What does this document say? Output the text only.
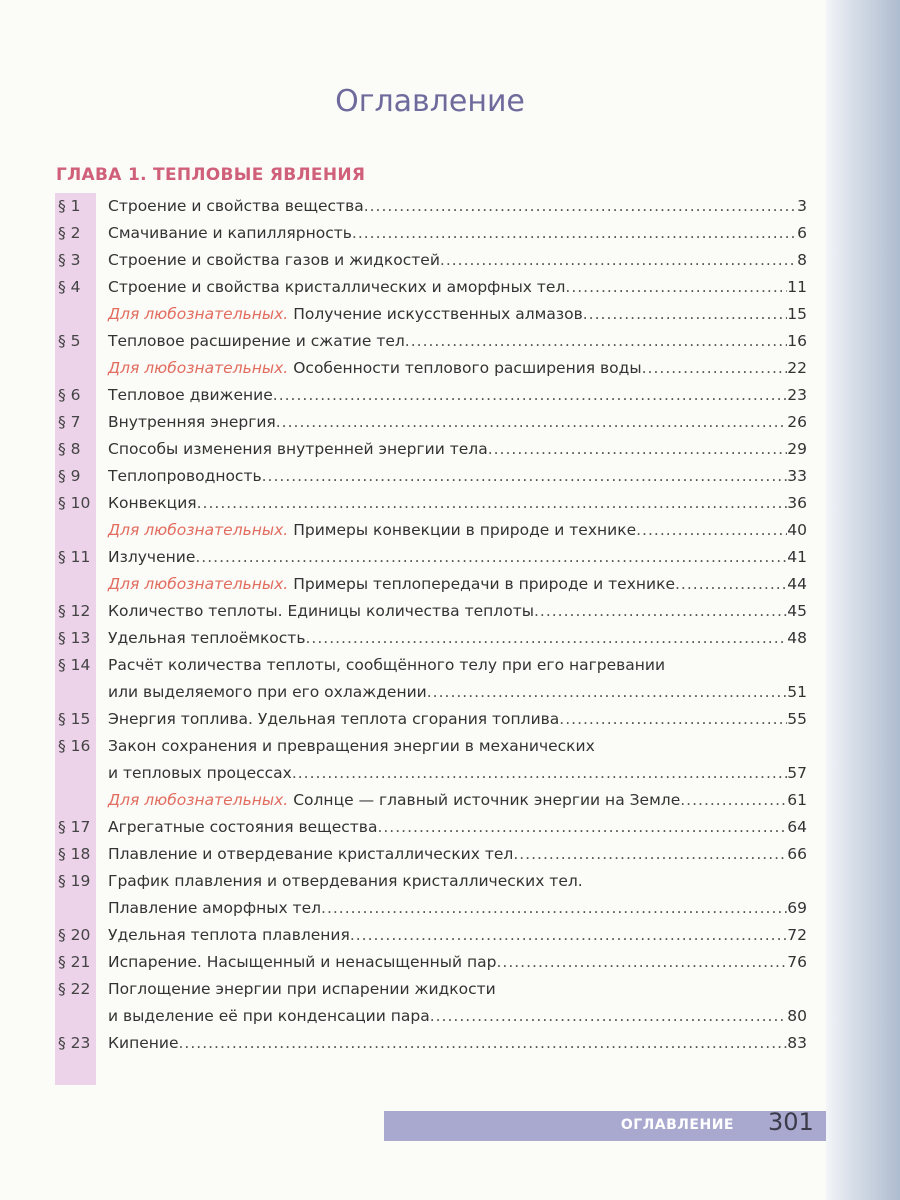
Оглавление
ГЛАВА 1. ТЕПЛОВЫЕ ЯВЛЕНИЯ
§ 1	Строение и свойства вещества .....	3
§ 2	Смачивание и капиллярность .....	6
§ 3	Строение и свойства газов и жидкостей .....	8
§ 4	Строение и свойства кристаллических и аморфных тел .....	11
Для любознательных. Получение искусственных алмазов .....	15
§ 5	Тепловое расширение и сжатие тел .....	16
Для любознательных. Особенности теплового расширения воды .....	22
§ 6	Тепловое движение .....	23
§ 7	Внутренняя энергия .....	26
§ 8	Способы изменения внутренней энергии тела .....	29
§ 9	Теплопроводность .....	33
§ 10	Конвекция .....	36
Для любознательных. Примеры конвекции в природе и технике .....	40
§ 11	Излучение .....	41
Для любознательных. Примеры теплопередачи в природе и технике .....	44
§ 12	Количество теплоты. Единицы количества теплоты .....	45
§ 13	Удельная теплоёмкость .....	48
§ 14	Расчёт количества теплоты, сообщённого телу при его нагревании
или выделяемого при его охлаждении .....	51
§ 15	Энергия топлива. Удельная теплота сгорания топлива .....	55
§ 16	Закон сохранения и превращения энергии в механических
и тепловых процессах .....	57
Для любознательных. Солнце — главный источник энергии на Земле .....	61
§ 17	Агрегатные состояния вещества .....	64
§ 18	Плавление и отвердевание кристаллических тел .....	66
§ 19	График плавления и отвердевания кристаллических тел.
Плавление аморфных тел .....	69
§ 20	Удельная теплота плавления .....	72
§ 21	Испарение. Насыщенный и ненасыщенный пар .....	76
§ 22	Поглощение энергии при испарении жидкости
и выделение её при конденсации пара .....	80
§ 23	Кипение .....	83
ОГЛАВЛЕНИЕ 301
